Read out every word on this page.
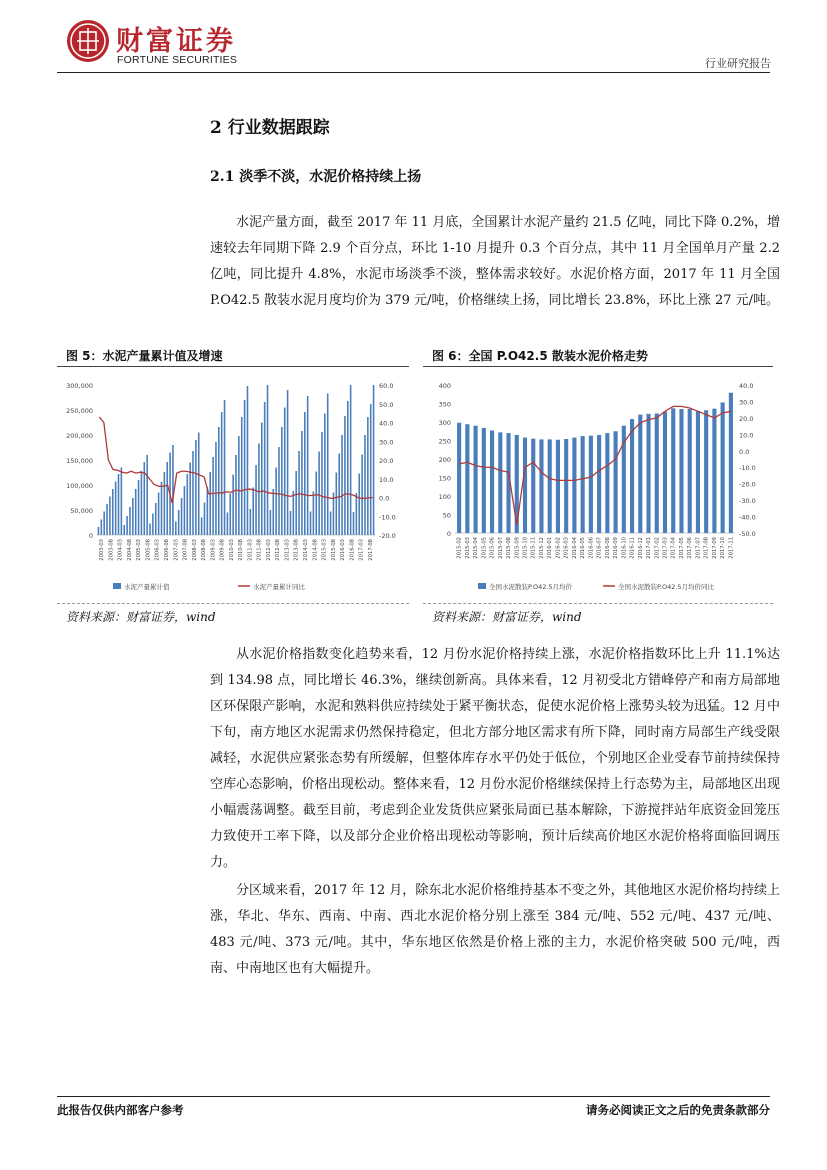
财富证券
FORTUNE SECURITIES	行业研究报告
2 行业数据跟踪
2.1 淡季不淡，水泥价格持续上扬
水泥产量方面，截至 2017 年 11 月底，全国累计水泥产量约 21.5 亿吨，同比下降 0.2%，增速较去年同期下降 2.9 个百分点，环比 1-10 月提升 0.3 个百分点，其中 11 月全国单月产量 2.2 亿吨，同比提升 4.8%，水泥市场淡季不淡，整体需求较好。水泥价格方面，2017 年 11 月全国 P.O42.5 散装水泥月度均价为 379 元/吨，价格继续上扬，同比增长 23.8%，环比上涨 27 元/吨。
图 5：水泥产量累计值及增速
300,000
250,000
200,000
150,000
100,000
50,000
0
60.0
50.0
40.0
30.0
20.0
10.0
0.0
-10.0
-20.0
2003-03 2003-08 2004-03 2004-08 2005-03 2005-08 2006-03 2006-08 2007-03 2007-08 2008-03 2008-08 2009-03 2009-08 2010-03 2010-08 2011-03 2011-08 2012-03 2012-08 2013-03 2013-08 2014-03 2014-08 2015-03 2015-08 2016-03 2016-08 2017-03 2017-08
水泥产量累计值	水泥产量累计同比
资料来源：财富证券，wind
图 6：全国 P.O42.5 散装水泥价格走势
400
350
300
250
200
150
100
50
0
40.0
30.0
20.0
10.0
0.0
-10.0
-20.0
-30.0
-40.0
-50.0
2015-02 2015-03 2015-04 2015-05 2015-06 2015-07 2015-08 2015-09 2015-10 2015-11 2015-12 2016-01 2016-02 2016-03 2016-04 2016-05 2016-06 2016-07 2016-08 2016-09 2016-10 2016-11 2016-12 2017-01 2017-02 2017-03 2017-04 2017-05 2017-06 2017-07 2017-08 2017-09 2017-10 2017-11
全国水泥散装P.O42.5月均价	全国水泥散装P.O42.5月均价同比
资料来源：财富证券，wind
从水泥价格指数变化趋势来看，12 月份水泥价格持续上涨，水泥价格指数环比上升 11.1%达到 134.98 点，同比增长 46.3%，继续创新高。具体来看，12 月初受北方错峰停产和南方局部地区环保限产影响，水泥和熟料供应持续处于紧平衡状态，促使水泥价格上涨势头较为迅猛。12 月中下旬，南方地区水泥需求仍然保持稳定，但北方部分地区需求有所下降，同时南方局部生产线受限减轻，水泥供应紧张态势有所缓解，但整体库存水平仍处于低位，个别地区企业受春节前持续保持空库心态影响，价格出现松动。整体来看，12 月份水泥价格继续保持上行态势为主，局部地区出现小幅震荡调整。截至目前，考虑到企业发货供应紧张局面已基本解除，下游搅拌站年底资金回笼压力致使开工率下降，以及部分企业价格出现松动等影响，预计后续高价地区水泥价格将面临回调压力。
分区域来看，2017 年 12 月，除东北水泥价格维持基本不变之外，其他地区水泥价格均持续上涨，华北、华东、西南、中南、西北水泥价格分别上涨至 384 元/吨、552 元/吨、437 元/吨、483 元/吨、373 元/吨。其中，华东地区依然是价格上涨的主力，水泥价格突破 500 元/吨，西南、中南地区也有大幅提升。
此报告仅供内部客户参考	请务必阅读正文之后的免责条款部分
